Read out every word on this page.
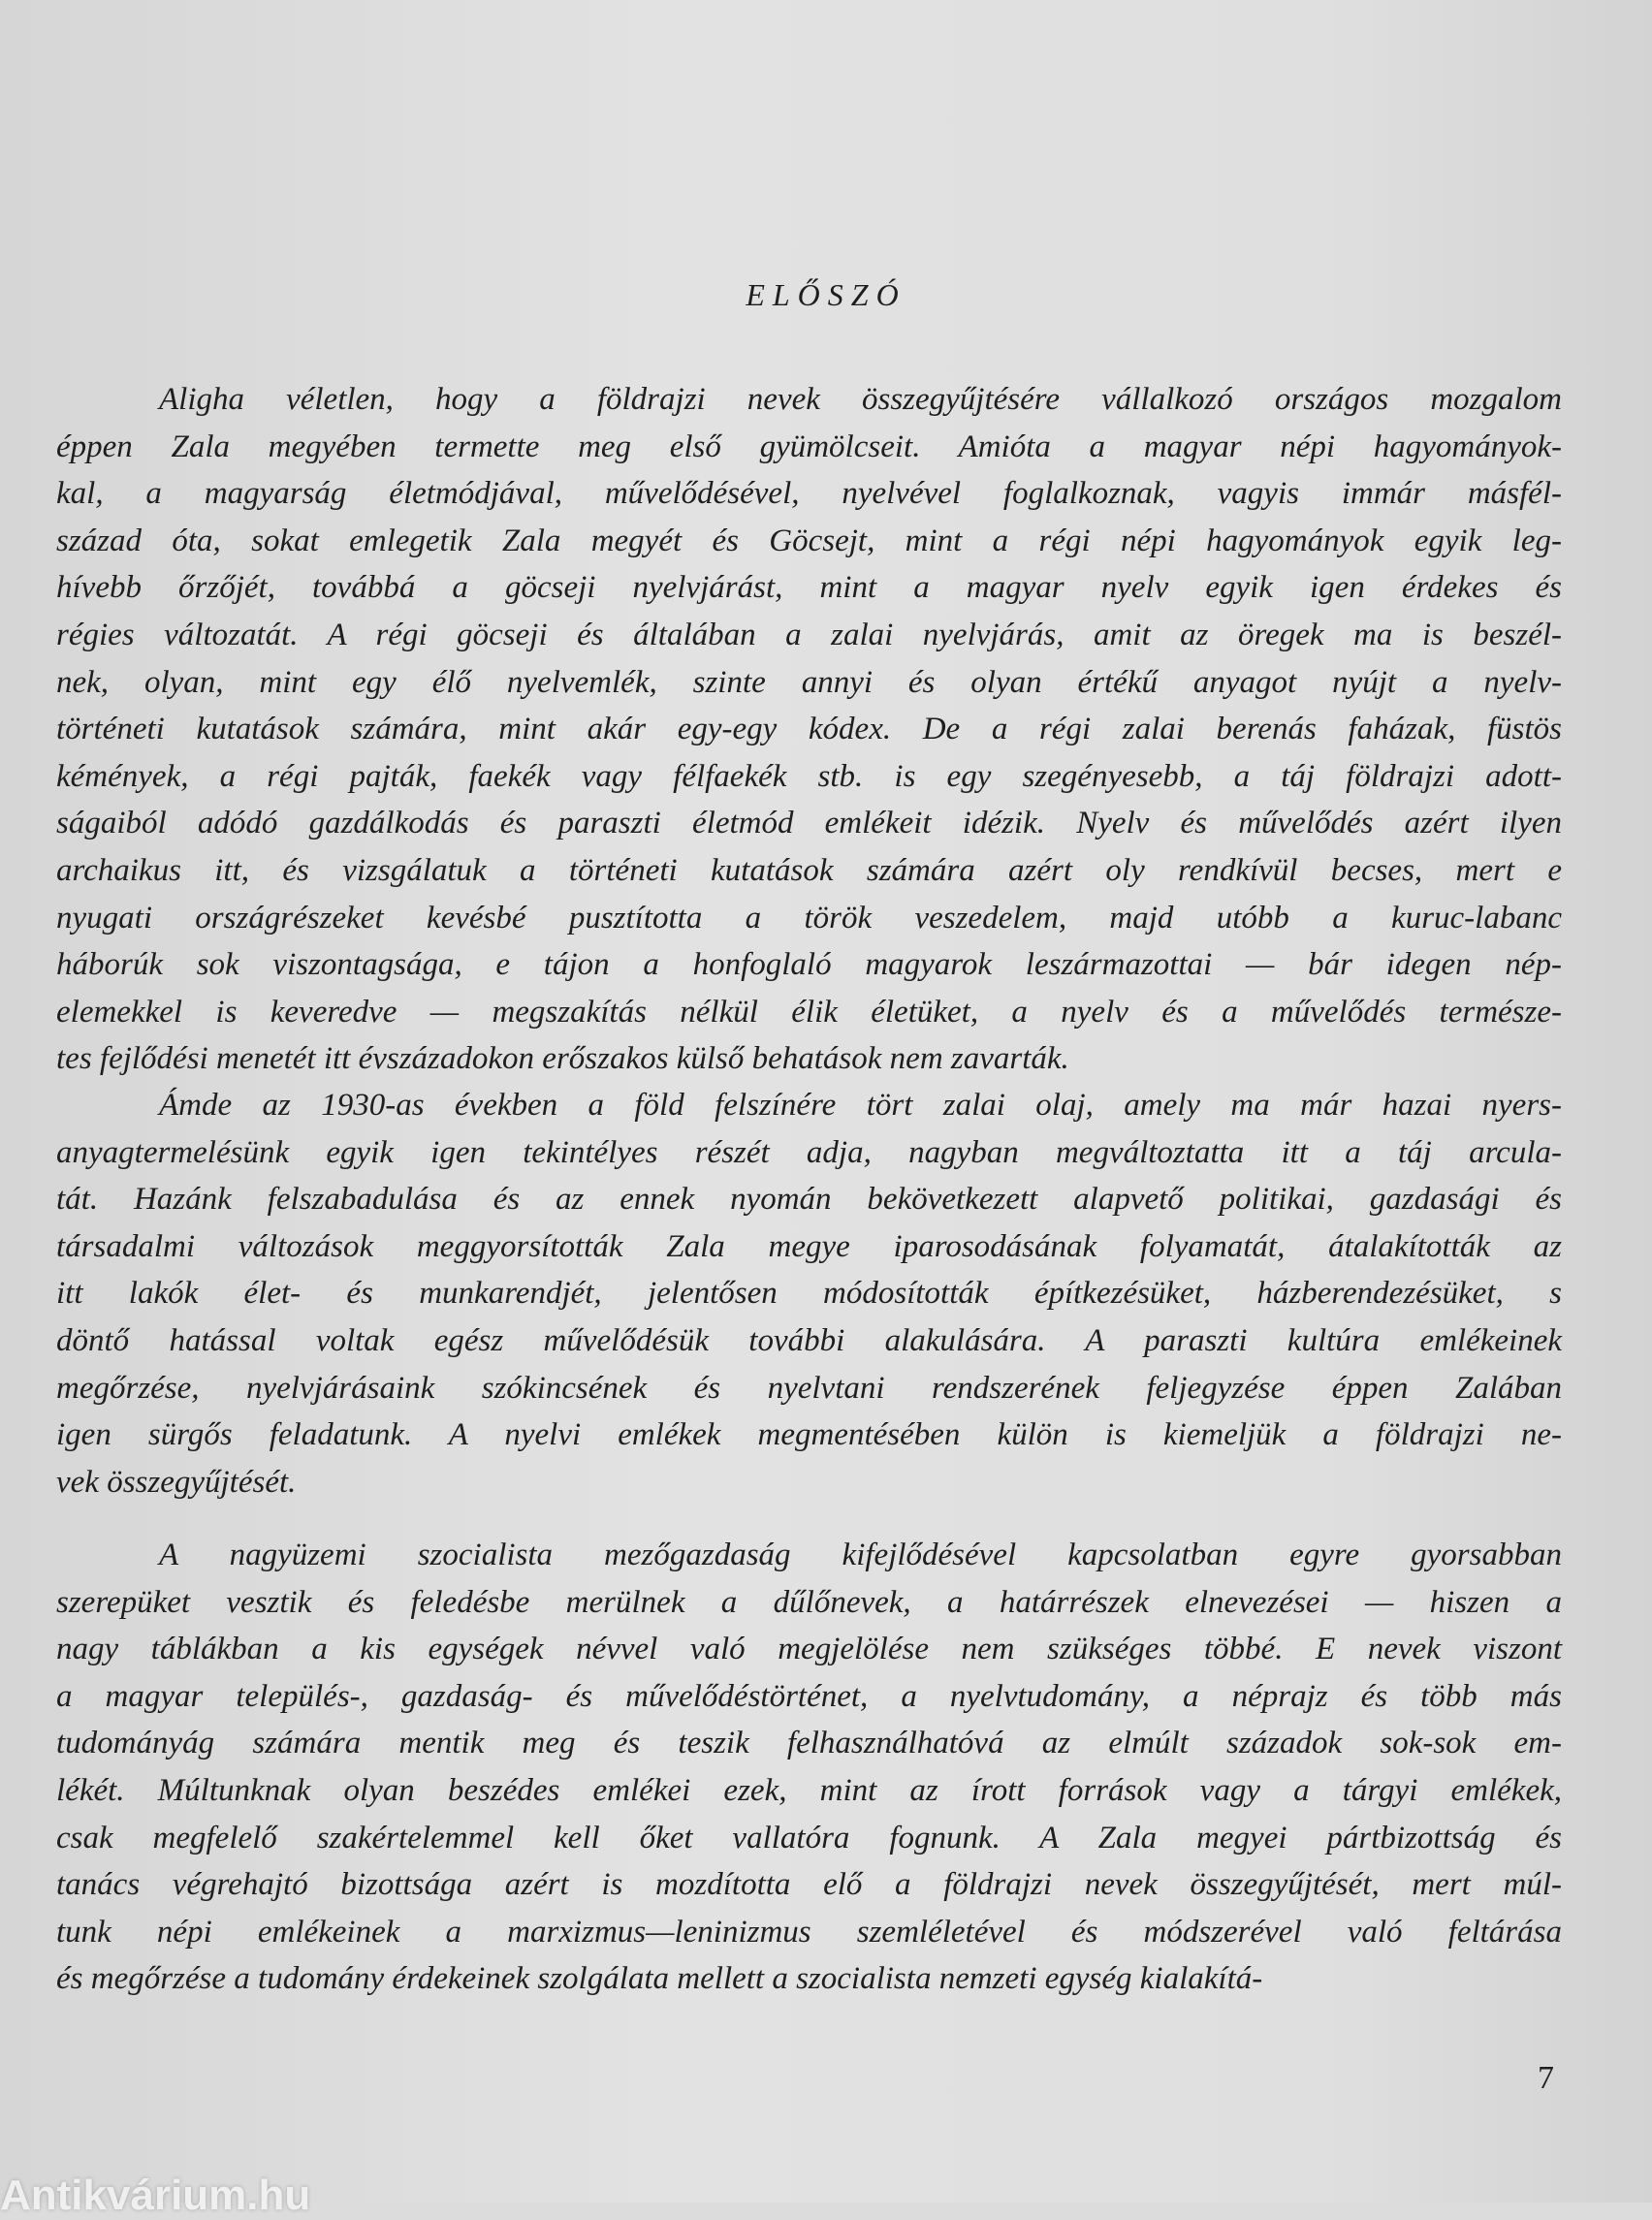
ELŐSZÓ
Aligha véletlen, hogy a földrajzi nevek összegyűjtésére vállalkozó országos mozgalom
éppen Zala megyében termette meg első gyümölcseit. Amióta a magyar népi hagyományok-
kal, a magyarság életmódjával, művelődésével, nyelvével foglalkoznak, vagyis immár másfél-
század óta, sokat emlegetik Zala megyét és Göcsejt, mint a régi népi hagyományok egyik leg-
hívebb őrzőjét, továbbá a göcseji nyelvjárást, mint a magyar nyelv egyik igen érdekes és
régies változatát. A régi göcseji és általában a zalai nyelvjárás, amit az öregek ma is beszél-
nek, olyan, mint egy élő nyelvemlék, szinte annyi és olyan értékű anyagot nyújt a nyelv-
történeti kutatások számára, mint akár egy-egy kódex. De a régi zalai berenás faházak, füstös
kémények, a régi pajták, faekék vagy félfaekék stb. is egy szegényesebb, a táj földrajzi adott-
ságaiból adódó gazdálkodás és paraszti életmód emlékeit idézik. Nyelv és művelődés azért ilyen
archaikus itt, és vizsgálatuk a történeti kutatások számára azért oly rendkívül becses, mert e
nyugati országrészeket kevésbé pusztította a török veszedelem, majd utóbb a kuruc-labanc
háborúk sok viszontagsága, e tájon a honfoglaló magyarok leszármazottai — bár idegen nép-
elemekkel is keveredve — megszakítás nélkül élik életüket, a nyelv és a művelődés természe-
tes fejlődési menetét itt évszázadokon erőszakos külső behatások nem zavarták.
Ámde az 1930-as években a föld felszínére tört zalai olaj, amely ma már hazai nyers-
anyagtermelésünk egyik igen tekintélyes részét adja, nagyban megváltoztatta itt a táj arcula-
tát. Hazánk felszabadulása és az ennek nyomán bekövetkezett alapvető politikai, gazdasági és
társadalmi változások meggyorsították Zala megye iparosodásának folyamatát, átalakították az
itt lakók élet- és munkarendjét, jelentősen módosították építkezésüket, házberendezésüket, s
döntő hatással voltak egész művelődésük további alakulására. A paraszti kultúra emlékeinek
megőrzése, nyelvjárásaink szókincsének és nyelvtani rendszerének feljegyzése éppen Zalában
igen sürgős feladatunk. A nyelvi emlékek megmentésében külön is kiemeljük a földrajzi ne-
vek összegyűjtését.
A nagyüzemi szocialista mezőgazdaság kifejlődésével kapcsolatban egyre gyorsabban
szerepüket vesztik és feledésbe merülnek a dűlőnevek, a határrészek elnevezései — hiszen a
nagy táblákban a kis egységek névvel való megjelölése nem szükséges többé. E nevek viszont
a magyar település-, gazdaság- és művelődéstörténet, a nyelvtudomány, a néprajz és több más
tudományág számára mentik meg és teszik felhasználhatóvá az elmúlt századok sok-sok em-
lékét. Múltunknak olyan beszédes emlékei ezek, mint az írott források vagy a tárgyi emlékek,
csak megfelelő szakértelemmel kell őket vallatóra fognunk. A Zala megyei pártbizottság és
tanács végrehajtó bizottsága azért is mozdította elő a földrajzi nevek összegyűjtését, mert múl-
tunk népi emlékeinek a marxizmus—leninizmus szemléletével és módszerével való feltárása
és megőrzése a tudomány érdekeinek szolgálata mellett a szocialista nemzeti egység kialakítá-
7
Antikvárium.hu
